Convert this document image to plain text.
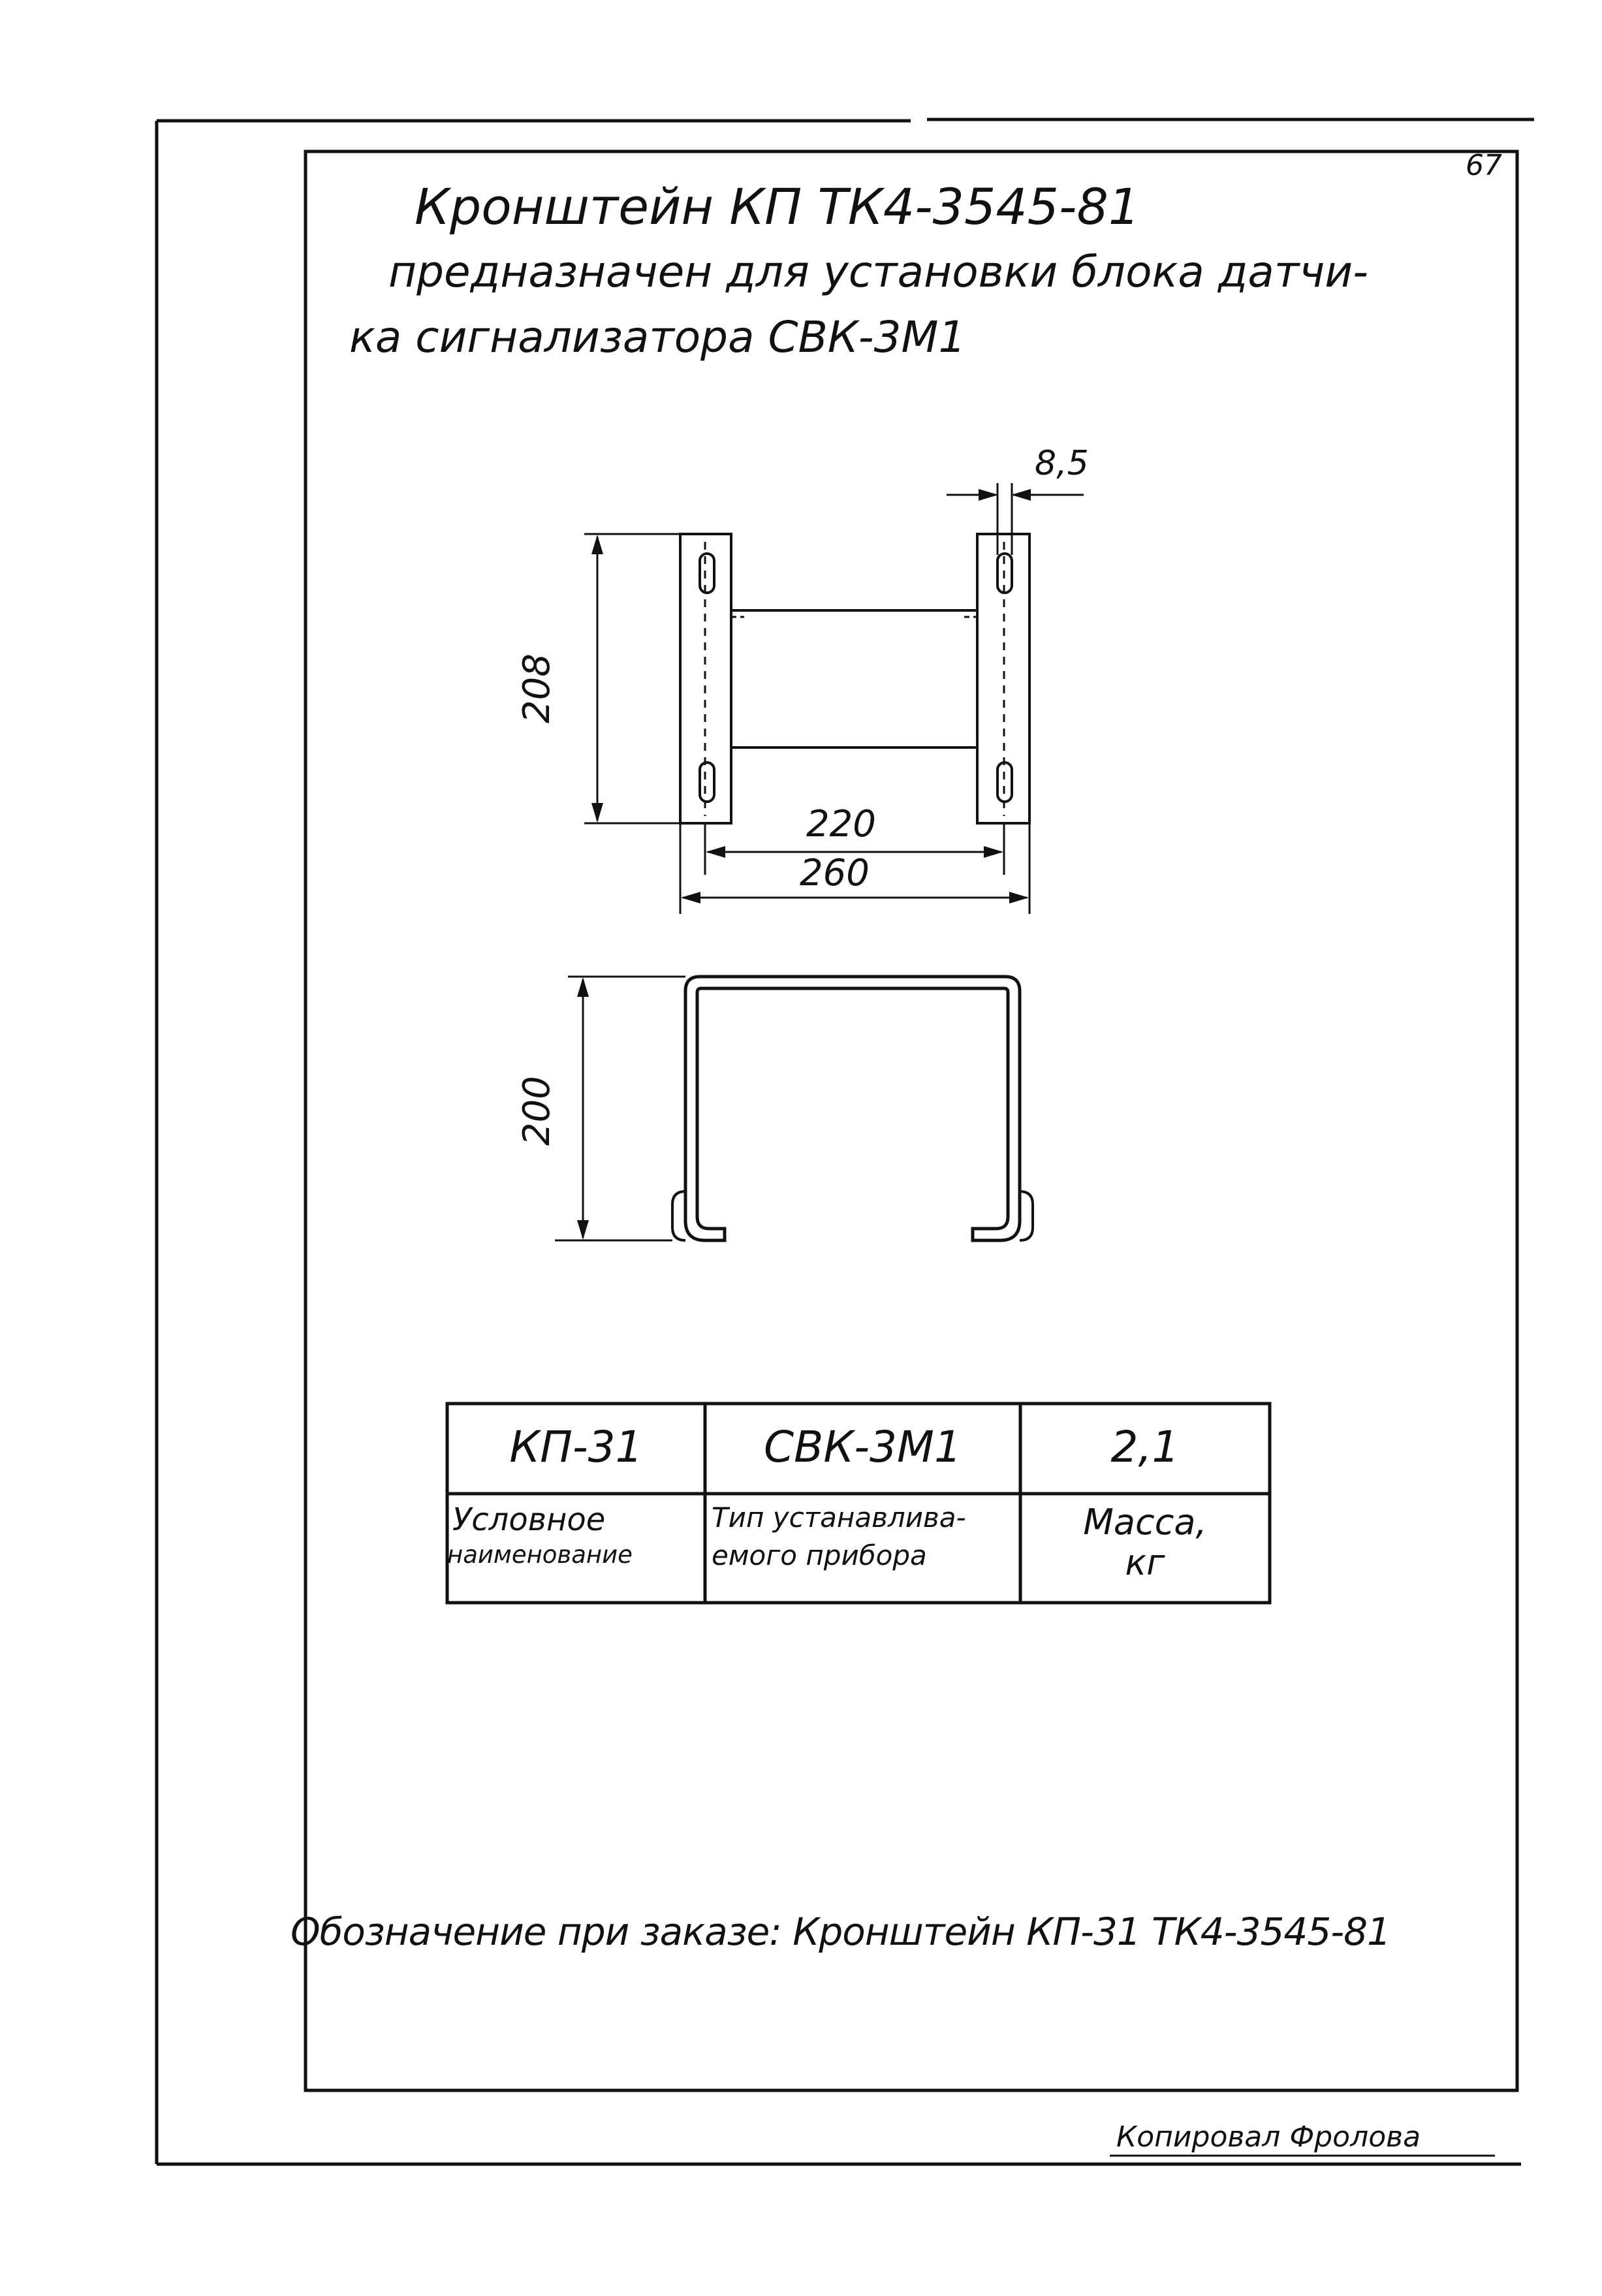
67
Кронштейн КП ТК4-3545-81
предназначен для установки блока датчи-
ка сигнализатора СВК-3М1
8,5
208
220
260
200
КП-31	СВК-3М1	2,1
Условное
наименование
Тип устанавлива-
емого прибора
Масса,
кг
Обозначение при заказе: Кронштейн КП-31 ТК4-3545-81
Копировал Фролова
